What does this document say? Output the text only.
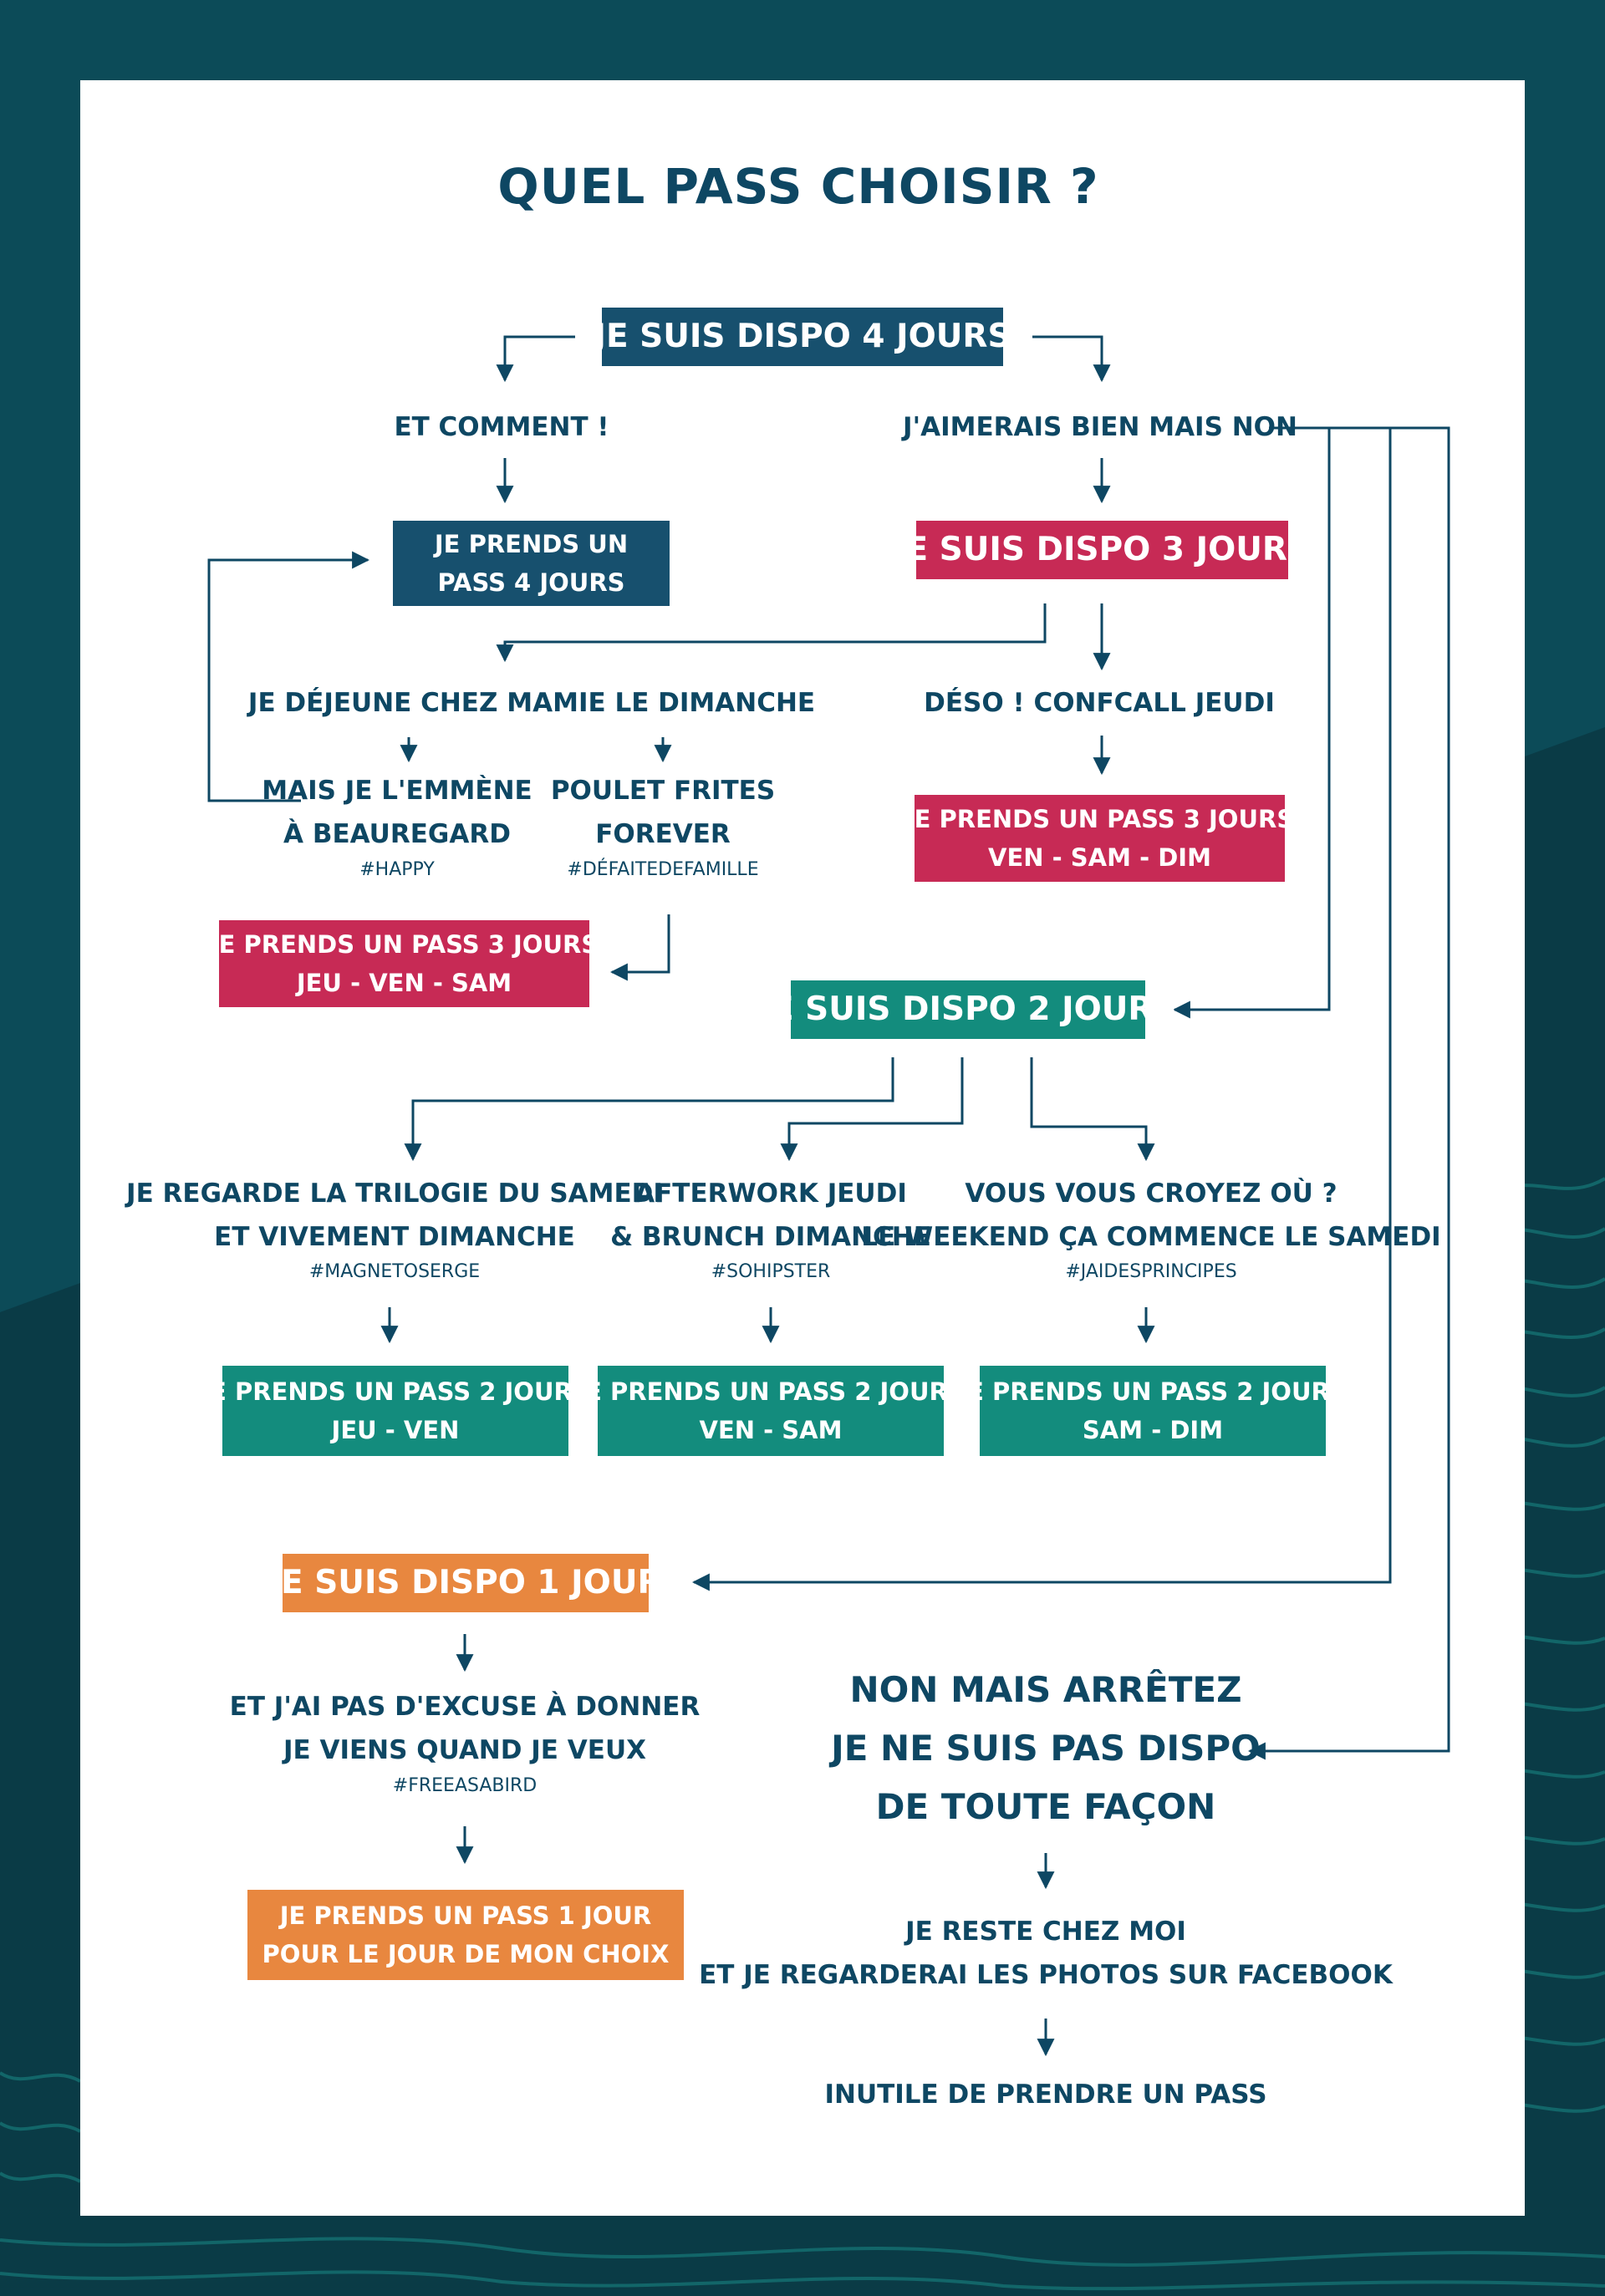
QUEL PASS CHOISIR ?
JE SUIS DISPO 4 JOURS

ET COMMENT !	J'AIMERAIS BIEN MAIS NON

JE PRENDS UN
PASS 4 JOURS
JE SUIS DISPO 3 JOURS

JE DÉJEUNE CHEZ MAMIE LE DIMANCHE	DÉSO ! CONFCALL JEUDI

MAIS JE L'EMMÈNE

À BEAUREGARD

#HAPPY

POULET FRITES

FOREVER

#DÉFAITEDEFAMILLE

JE PRENDS UN PASS 3 JOURS
JEU - VEN - SAM
JE PRENDS UN PASS 3 JOURS
VEN - SAM - DIM
JE SUIS DISPO 2 JOURS

JE REGARDE LA TRILOGIE DU SAMEDI

ET VIVEMENT DIMANCHE

#MAGNETOSERGE

AFTERWORK JEUDI

& BRUNCH DIMANCHE

#SOHIPSTER

VOUS VOUS CROYEZ OÙ ?

LE WEEKEND ÇA COMMENCE LE SAMEDI

#JAIDESPRINCIPES

JE PRENDS UN PASS 2 JOURS
JEU - VEN
JE PRENDS UN PASS 2 JOURS
VEN - SAM
JE PRENDS UN PASS 2 JOURS
SAM - DIM
JE SUIS DISPO 1 JOUR

ET J'AI PAS D'EXCUSE À DONNER

JE VIENS QUAND JE VEUX

#FREEASABIRD

JE PRENDS UN PASS 1 JOUR
POUR LE JOUR DE MON CHOIX

NON MAIS ARRÊTEZ

JE NE SUIS PAS DISPO

DE TOUTE FAÇON

JE RESTE CHEZ MOI

ET JE REGARDERAI LES PHOTOS SUR FACEBOOK

INUTILE DE PRENDRE UN PASS
